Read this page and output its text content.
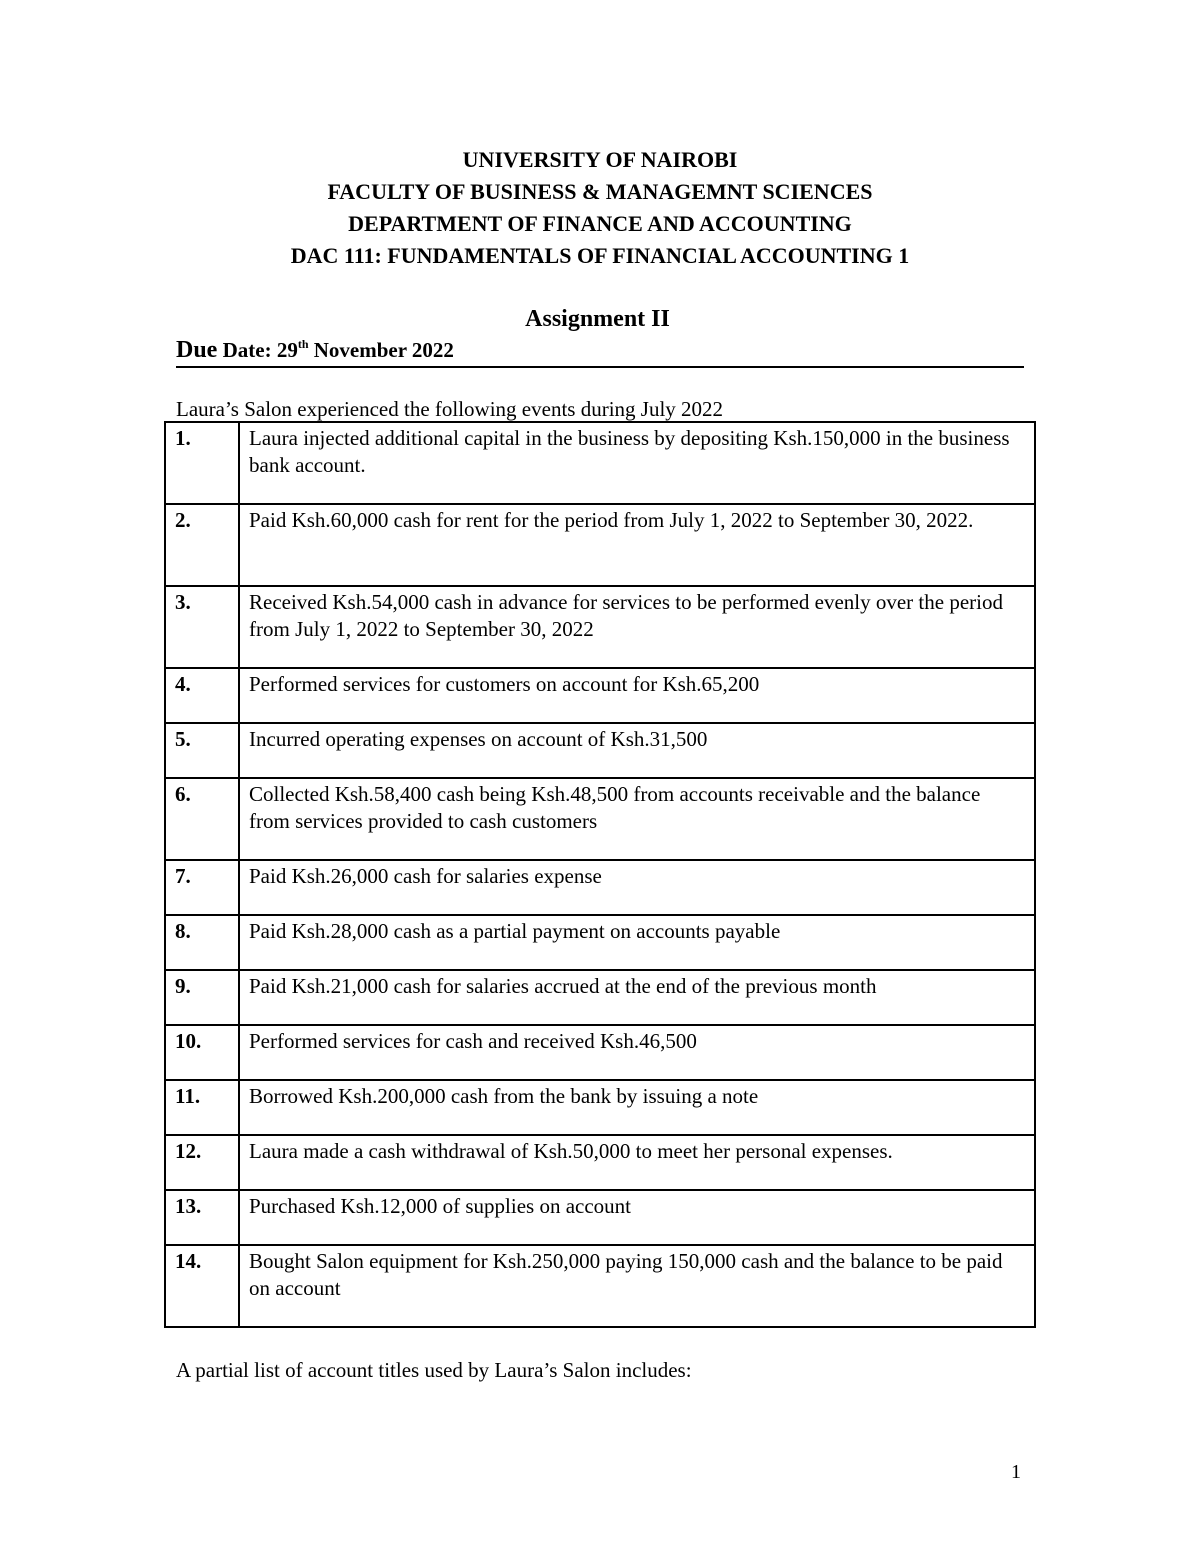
UNIVERSITY OF NAIROBI
FACULTY OF BUSINESS & MANAGEMNT SCIENCES
DEPARTMENT OF FINANCE AND ACCOUNTING
DAC 111: FUNDAMENTALS OF FINANCIAL ACCOUNTING 1
Assignment II
Due Date: 29th November 2022
Laura’s Salon experienced the following events during July 2022
1.	Laura injected additional capital in the business by depositing Ksh.150,000 in the business bank account.
2.	Paid Ksh.60,000 cash for rent for the period from July 1, 2022 to September 30, 2022.
3.	Received Ksh.54,000 cash in advance for services to be performed evenly over the period from July 1, 2022 to September 30, 2022
4.	Performed services for customers on account for Ksh.65,200
5.	Incurred operating expenses on account of Ksh.31,500
6.	Collected Ksh.58,400 cash being Ksh.48,500 from accounts receivable and the balance from services provided to cash customers
7.	Paid Ksh.26,000 cash for salaries expense
8.	Paid Ksh.28,000 cash as a partial payment on accounts payable
9.	Paid Ksh.21,000 cash for salaries accrued at the end of the previous month
10.	Performed services for cash and received Ksh.46,500
11.	Borrowed Ksh.200,000 cash from the bank by issuing a note
12.	Laura made a cash withdrawal of Ksh.50,000 to meet her personal expenses.
13.	Purchased Ksh.12,000 of supplies on account
14.	Bought Salon equipment for Ksh.250,000 paying 150,000 cash and the balance to be paid on account
A partial list of account titles used by Laura’s Salon includes:
1
